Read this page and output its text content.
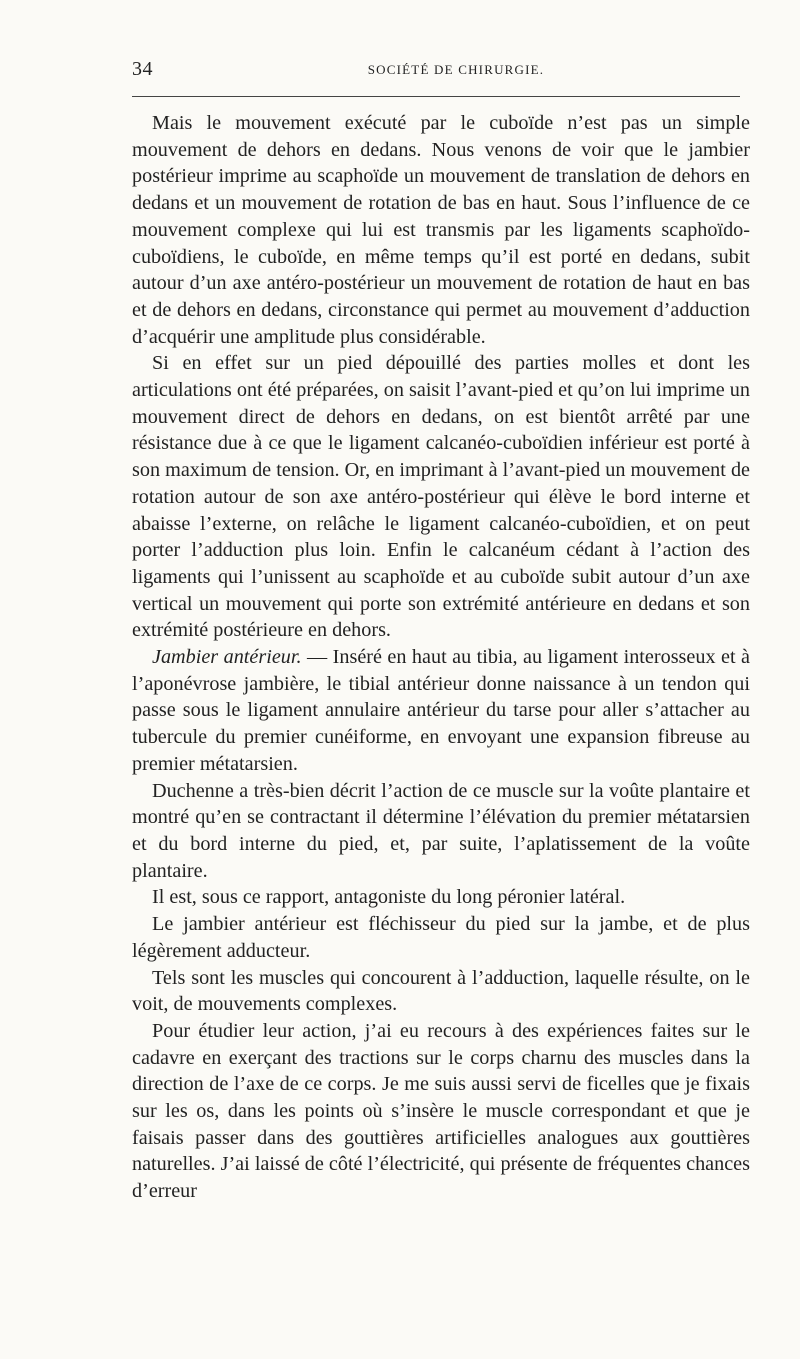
34	SOCIÉTÉ DE CHIRURGIE.

Mais le mouvement exécuté par le cuboïde n’est pas un simple mouvement de dehors en dedans. Nous venons de voir que le jambier postérieur imprime au scaphoïde un mouvement de translation de dehors en dedans et un mouvement de rotation de bas en haut. Sous l’influence de ce mouvement complexe qui lui est transmis par les ligaments scaphoïdo-cuboïdiens, le cuboïde, en même temps qu’il est porté en dedans, subit autour d’un axe antéro-postérieur un mouvement de rotation de haut en bas et de dehors en dedans, circonstance qui permet au mouvement d’adduction d’acquérir une amplitude plus considérable.

Si en effet sur un pied dépouillé des parties molles et dont les articulations ont été préparées, on saisit l’avant-pied et qu’on lui imprime un mouvement direct de dehors en dedans, on est bientôt arrêté par une résistance due à ce que le ligament calcanéo-cuboïdien inférieur est porté à son maximum de tension. Or, en imprimant à l’avant-pied un mouvement de rotation autour de son axe antéro-postérieur qui élève le bord interne et abaisse l’externe, on relâche le ligament calcanéo-cuboïdien, et on peut porter l’adduction plus loin. Enfin le calcanéum cédant à l’action des ligaments qui l’unissent au scaphoïde et au cuboïde subit autour d’un axe vertical un mouvement qui porte son extrémité antérieure en dedans et son extrémité postérieure en dehors.

Jambier antérieur. — Inséré en haut au tibia, au ligament interosseux et à l’aponévrose jambière, le tibial antérieur donne naissance à un tendon qui passe sous le ligament annulaire antérieur du tarse pour aller s’attacher au tubercule du premier cunéiforme, en envoyant une expansion fibreuse au premier métatarsien.

Duchenne a très-bien décrit l’action de ce muscle sur la voûte plantaire et montré qu’en se contractant il détermine l’élévation du premier métatarsien et du bord interne du pied, et, par suite, l’aplatissement de la voûte plantaire.

Il est, sous ce rapport, antagoniste du long péronier latéral.

Le jambier antérieur est fléchisseur du pied sur la jambe, et de plus légèrement adducteur.

Tels sont les muscles qui concourent à l’adduction, laquelle résulte, on le voit, de mouvements complexes.

Pour étudier leur action, j’ai eu recours à des expériences faites sur le cadavre en exerçant des tractions sur le corps charnu des muscles dans la direction de l’axe de ce corps. Je me suis aussi servi de ficelles que je fixais sur les os, dans les points où s’insère le muscle correspondant et que je faisais passer dans des gouttières artificielles analogues aux gouttières naturelles. J’ai laissé de côté l’électricité, qui présente de fréquentes chances d’erreur
